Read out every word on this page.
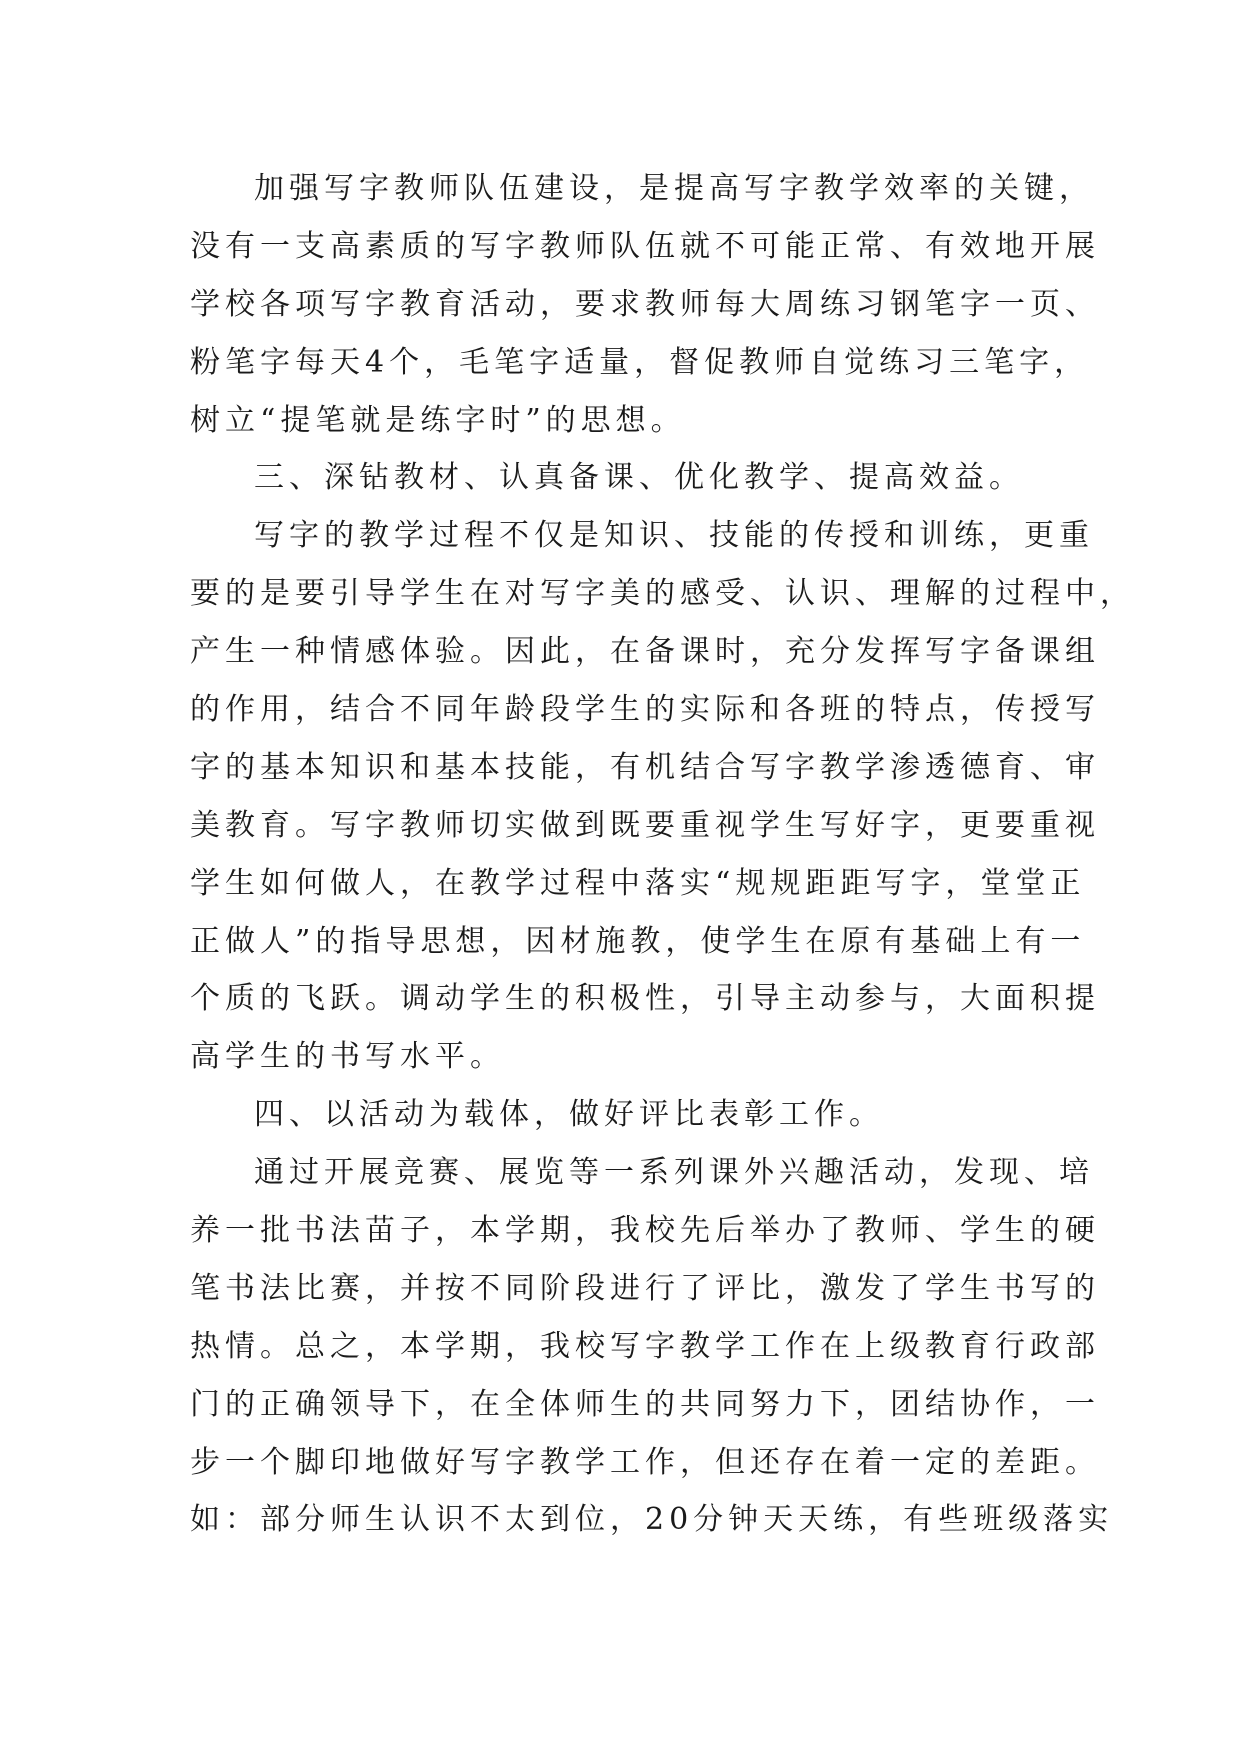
加强写字教师队伍建设，是提高写字教学效率的关键，
没有一支高素质的写字教师队伍就不可能正常、有效地开展
学校各项写字教育活动，要求教师每大周练习钢笔字一页、
粉笔字每天4个，毛笔字适量，督促教师自觉练习三笔字，
树立“提笔就是练字时”的思想。
三、深钻教材、认真备课、优化教学、提高效益。
写字的教学过程不仅是知识、技能的传授和训练，更重
要的是要引导学生在对写字美的感受、认识、理解的过程中，
产生一种情感体验。因此，在备课时，充分发挥写字备课组
的作用，结合不同年龄段学生的实际和各班的特点，传授写
字的基本知识和基本技能，有机结合写字教学渗透德育、审
美教育。写字教师切实做到既要重视学生写好字，更要重视
学生如何做人，在教学过程中落实“规规距距写字，堂堂正
正做人”的指导思想，因材施教，使学生在原有基础上有一
个质的飞跃。调动学生的积极性，引导主动参与，大面积提
高学生的书写水平。
四、以活动为载体，做好评比表彰工作。
通过开展竞赛、展览等一系列课外兴趣活动，发现、培
养一批书法苗子，本学期，我校先后举办了教师、学生的硬
笔书法比赛，并按不同阶段进行了评比，激发了学生书写的
热情。总之，本学期，我校写字教学工作在上级教育行政部
门的正确领导下，在全体师生的共同努力下，团结协作，一
步一个脚印地做好写字教学工作，但还存在着一定的差距。
如：部分师生认识不太到位，20分钟天天练，有些班级落实
